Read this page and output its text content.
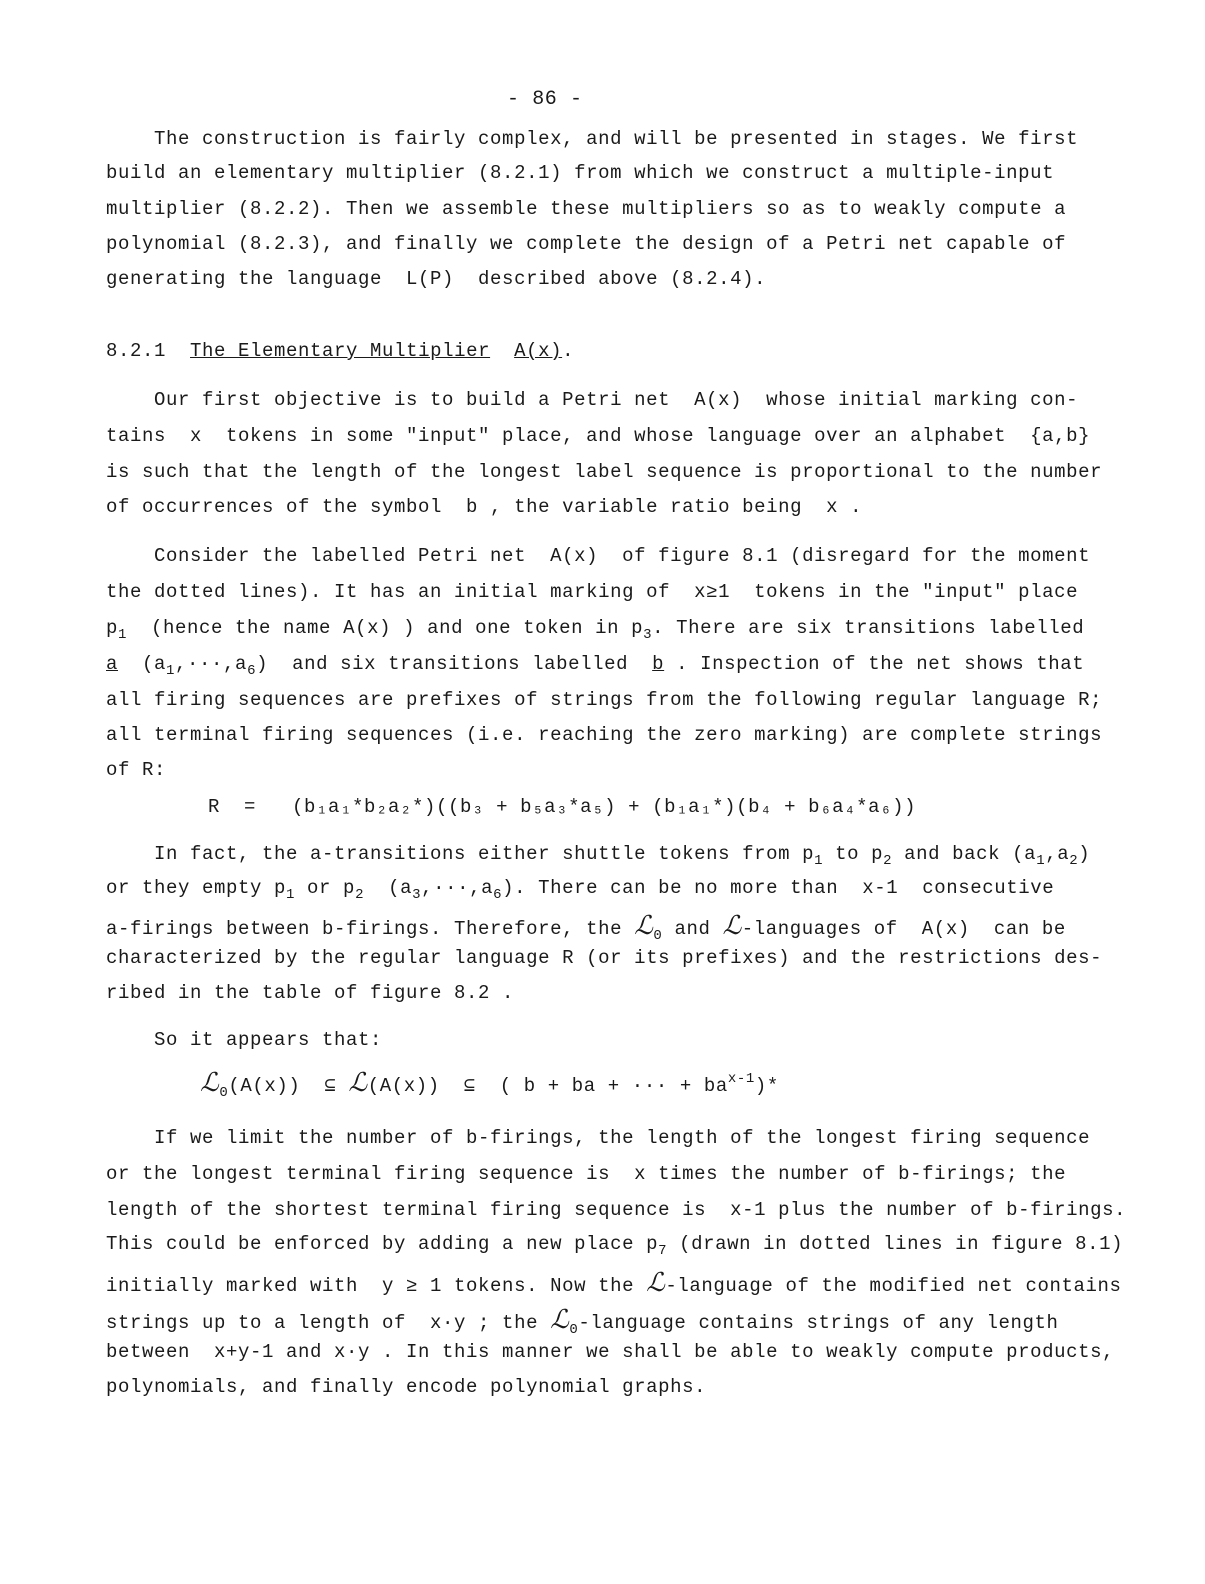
- 86 -
The construction is fairly complex, and will be presented in stages. We first
build an elementary multiplier (8.2.1) from which we construct a multiple-input
multiplier (8.2.2). Then we assemble these multipliers so as to weakly compute a
polynomial (8.2.3), and finally we complete the design of a Petri net capable of
generating the language  L(P)  described above (8.2.4).
8.2.1 The Elementary Multiplier A(x).
Our first objective is to build a Petri net  A(x)  whose initial marking con-
tains  x  tokens in some "input" place, and whose language over an alphabet  {a,b}
is such that the length of the longest label sequence is proportional to the number
of occurrences of the symbol  b , the variable ratio being  x .
Consider the labelled Petri net  A(x)  of figure 8.1 (disregard for the moment
the dotted lines). It has an initial marking of  x≥1  tokens in the "input" place
$p_1$  (hence the name A(x) ) and one token in $p_3$. There are six transitions labelled
a  $(a_1,\cdot\cdot\cdot,a_6)$  and six transitions labelled  b . Inspection of the net shows that
all firing sequences are prefixes of strings from the following regular language R;
all terminal firing sequences (i.e. reaching the zero marking) are complete strings
of R:
R  = (b₁a₁*b₂a₂*)((b₃ + b₅a₃*a₅) + (b₁a₁*)(b₄ + b₆a₄*a₆))
In fact, the a-transitions either shuttle tokens from $p_1$ to $p_2$ and back $(a_1,a_2)$
or they empty $p_1$ or $p_2$  $(a_3,\cdot\cdot\cdot,a_6)$. There can be no more than  x-1  consecutive
a-firings between b-firings. Therefore, the ℒ$_0$ and ℒ-languages of  A(x)  can be
characterized by the regular language R (or its prefixes) and the restrictions des-
ribed in the table of figure 8.2 .
So it appears that:
ℒ$_0$(A(x))  ⊆ ℒ(A(x))  ⊆  ( b + ba + ··· + $ba^{x-1})*$
If we limit the number of b-firings, the length of the longest firing sequence
or the longest terminal firing sequence is  x times the number of b-firings; the
length of the shortest terminal firing sequence is  x-1 plus the number of b-firings.
This could be enforced by adding a new place $p_7$ (drawn in dotted lines in figure 8.1)
initially marked with  y ≥ 1 tokens. Now the ℒ-language of the modified net contains
strings up to a length of  x·y ; the ℒ$_0$-language contains strings of any length
between  x+y-1 and x·y . In this manner we shall be able to weakly compute products,
polynomials, and finally encode polynomial graphs.
